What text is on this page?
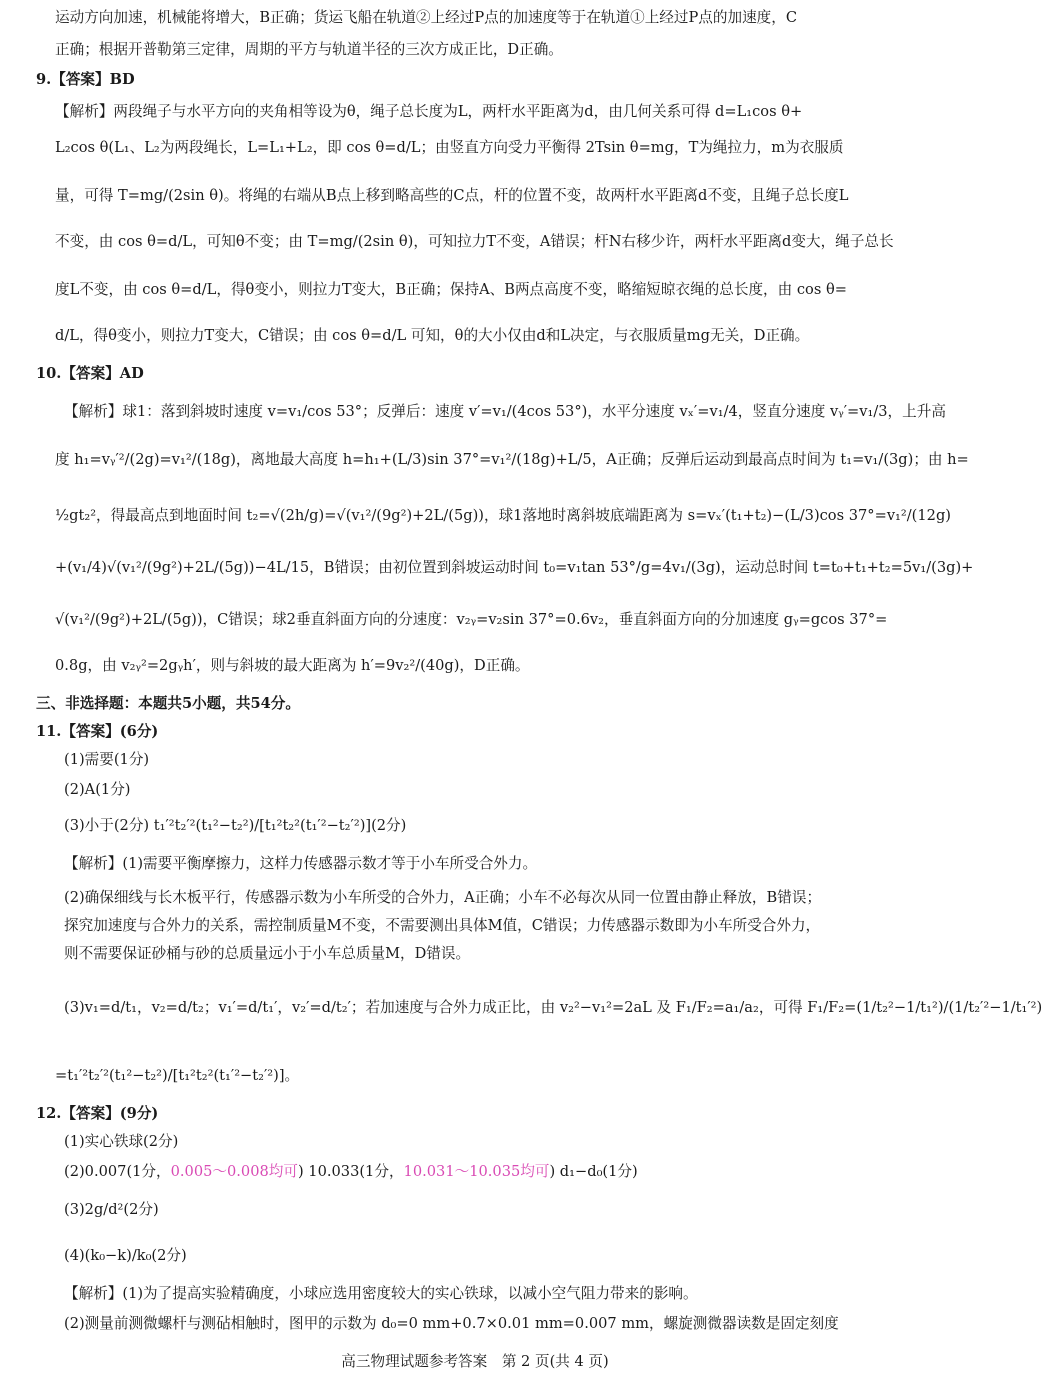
运动方向加速，机械能将增大，B正确；货运飞船在轨道②上经过P点的加速度等于在轨道①上经过P点的加速度，C
正确；根据开普勒第三定律，周期的平方与轨道半径的三次方成正比，D正确。
9.【答案】BD
【解析】两段绳子与水平方向的夹角相等设为θ，绳子总长度为L，两杆水平距离为d，由几何关系可得 d=L₁cos θ+
L₂cos θ(L₁、L₂为两段绳长，L=L₁+L₂，即 cos θ=d/L；由竖直方向受力平衡得 2Tsin θ=mg，T为绳拉力，m为衣服质
量，可得 T=mg/(2sin θ)。将绳的右端从B点上移到略高些的C点，杆的位置不变，故两杆水平距离d不变，且绳子总长度L
不变，由 cos θ=d/L，可知θ不变；由 T=mg/(2sin θ)，可知拉力T不变，A错误；杆N右移少许，两杆水平距离d变大，绳子总长
度L不变，由 cos θ=d/L，得θ变小，则拉力T变大，B正确；保持A、B两点高度不变，略缩短晾衣绳的总长度，由 cos θ=
d/L，得θ变小，则拉力T变大，C错误；由 cos θ=d/L 可知，θ的大小仅由d和L决定，与衣服质量mg无关，D正确。
10.【答案】AD
【解析】球1：落到斜坡时速度 v=v₁/cos 53°；反弹后：速度 v′=v₁/(4cos 53°)，水平分速度 vₓ′=v₁/4，竖直分速度 vᵧ′=v₁/3，上升高
度 h₁=vᵧ′²/(2g)=v₁²/(18g)，离地最大高度 h=h₁+(L/3)sin 37°=v₁²/(18g)+L/5，A正确；反弹后运动到最高点时间为 t₁=v₁/(3g)；由 h=
½gt₂²，得最高点到地面时间 t₂=√(2h/g)=√(v₁²/(9g²)+2L/(5g))，球1落地时离斜坡底端距离为 s=vₓ′(t₁+t₂)−(L/3)cos 37°=v₁²/(12g)
+(v₁/4)√(v₁²/(9g²)+2L/(5g))−4L/15，B错误；由初位置到斜坡运动时间 t₀=v₁tan 53°/g=4v₁/(3g)，运动总时间 t=t₀+t₁+t₂=5v₁/(3g)+
√(v₁²/(9g²)+2L/(5g))，C错误；球2垂直斜面方向的分速度：v₂ᵧ=v₂sin 37°=0.6v₂，垂直斜面方向的分加速度 gᵧ=gcos 37°=
0.8g，由 v₂ᵧ²=2gᵧh′，则与斜坡的最大距离为 h′=9v₂²/(40g)，D正确。
三、非选择题：本题共5小题，共54分。
11.【答案】(6分)
(1)需要(1分)
(2)A(1分)
(3)小于(2分) t₁′²t₂′²(t₁²−t₂²)/[t₁²t₂²(t₁′²−t₂′²)](2分)
【解析】(1)需要平衡摩擦力，这样力传感器示数才等于小车所受合外力。
(2)确保细线与长木板平行，传感器示数为小车所受的合外力，A正确；小车不必每次从同一位置由静止释放，B错误；
探究加速度与合外力的关系，需控制质量M不变，不需要测出具体M值，C错误；力传感器示数即为小车所受合外力，
则不需要保证砂桶与砂的总质量远小于小车总质量M，D错误。
(3)v₁=d/t₁，v₂=d/t₂；v₁′=d/t₁′，v₂′=d/t₂′；若加速度与合外力成正比，由 v₂²−v₁²=2aL 及 F₁/F₂=a₁/a₂，可得 F₁/F₂=(1/t₂²−1/t₁²)/(1/t₂′²−1/t₁′²)
=t₁′²t₂′²(t₁²−t₂²)/[t₁²t₂²(t₁′²−t₂′²)]。
12.【答案】(9分)
(1)实心铁球(2分)
(2)0.007(1分，0.005～0.008均可) 10.033(1分，10.031～10.035均可) d₁−d₀(1分)
(3)2g/d²(2分)
(4)(k₀−k)/k₀(2分)
【解析】(1)为了提高实验精确度，小球应选用密度较大的实心铁球，以减小空气阻力带来的影响。
(2)测量前测微螺杆与测砧相触时，图甲的示数为 d₀=0 mm+0.7×0.01 mm=0.007 mm，螺旋测微器读数是固定刻度
高三物理试题参考答案　第 2 页(共 4 页)
